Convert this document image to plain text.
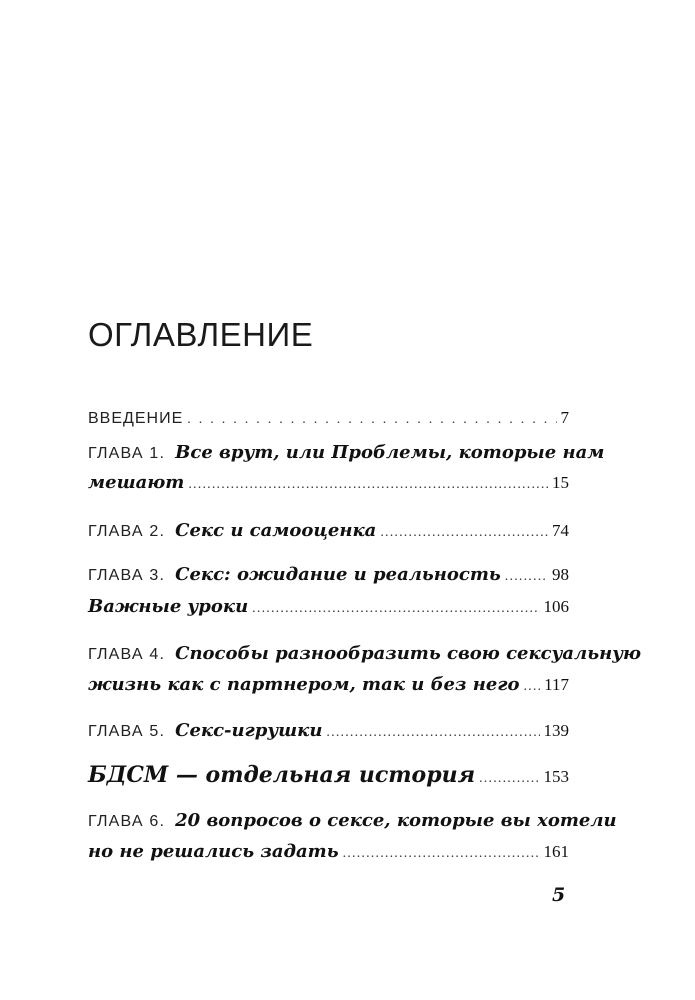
ОГЛАВЛЕНИЕ
ВВЕДЕНИЕ .....	7
ГЛАВА 1. Все врут, или Проблемы, которые нам
мешают .....	15
ГЛАВА 2. Секс и самооценка .....	74
ГЛАВА 3. Секс: ожидание и реальность .....	98
Важные уроки .....	106
ГЛАВА 4. Способы разнообразить свою сексуальную
жизнь как с партнером, так и без него ..... 117
ГЛАВА 5. Секс-игрушки .....	139
БДСМ — отдельная история .....	153
ГЛАВА 6. 20 вопросов о сексе, которые вы хотели
но не решались задать .....	161
5
